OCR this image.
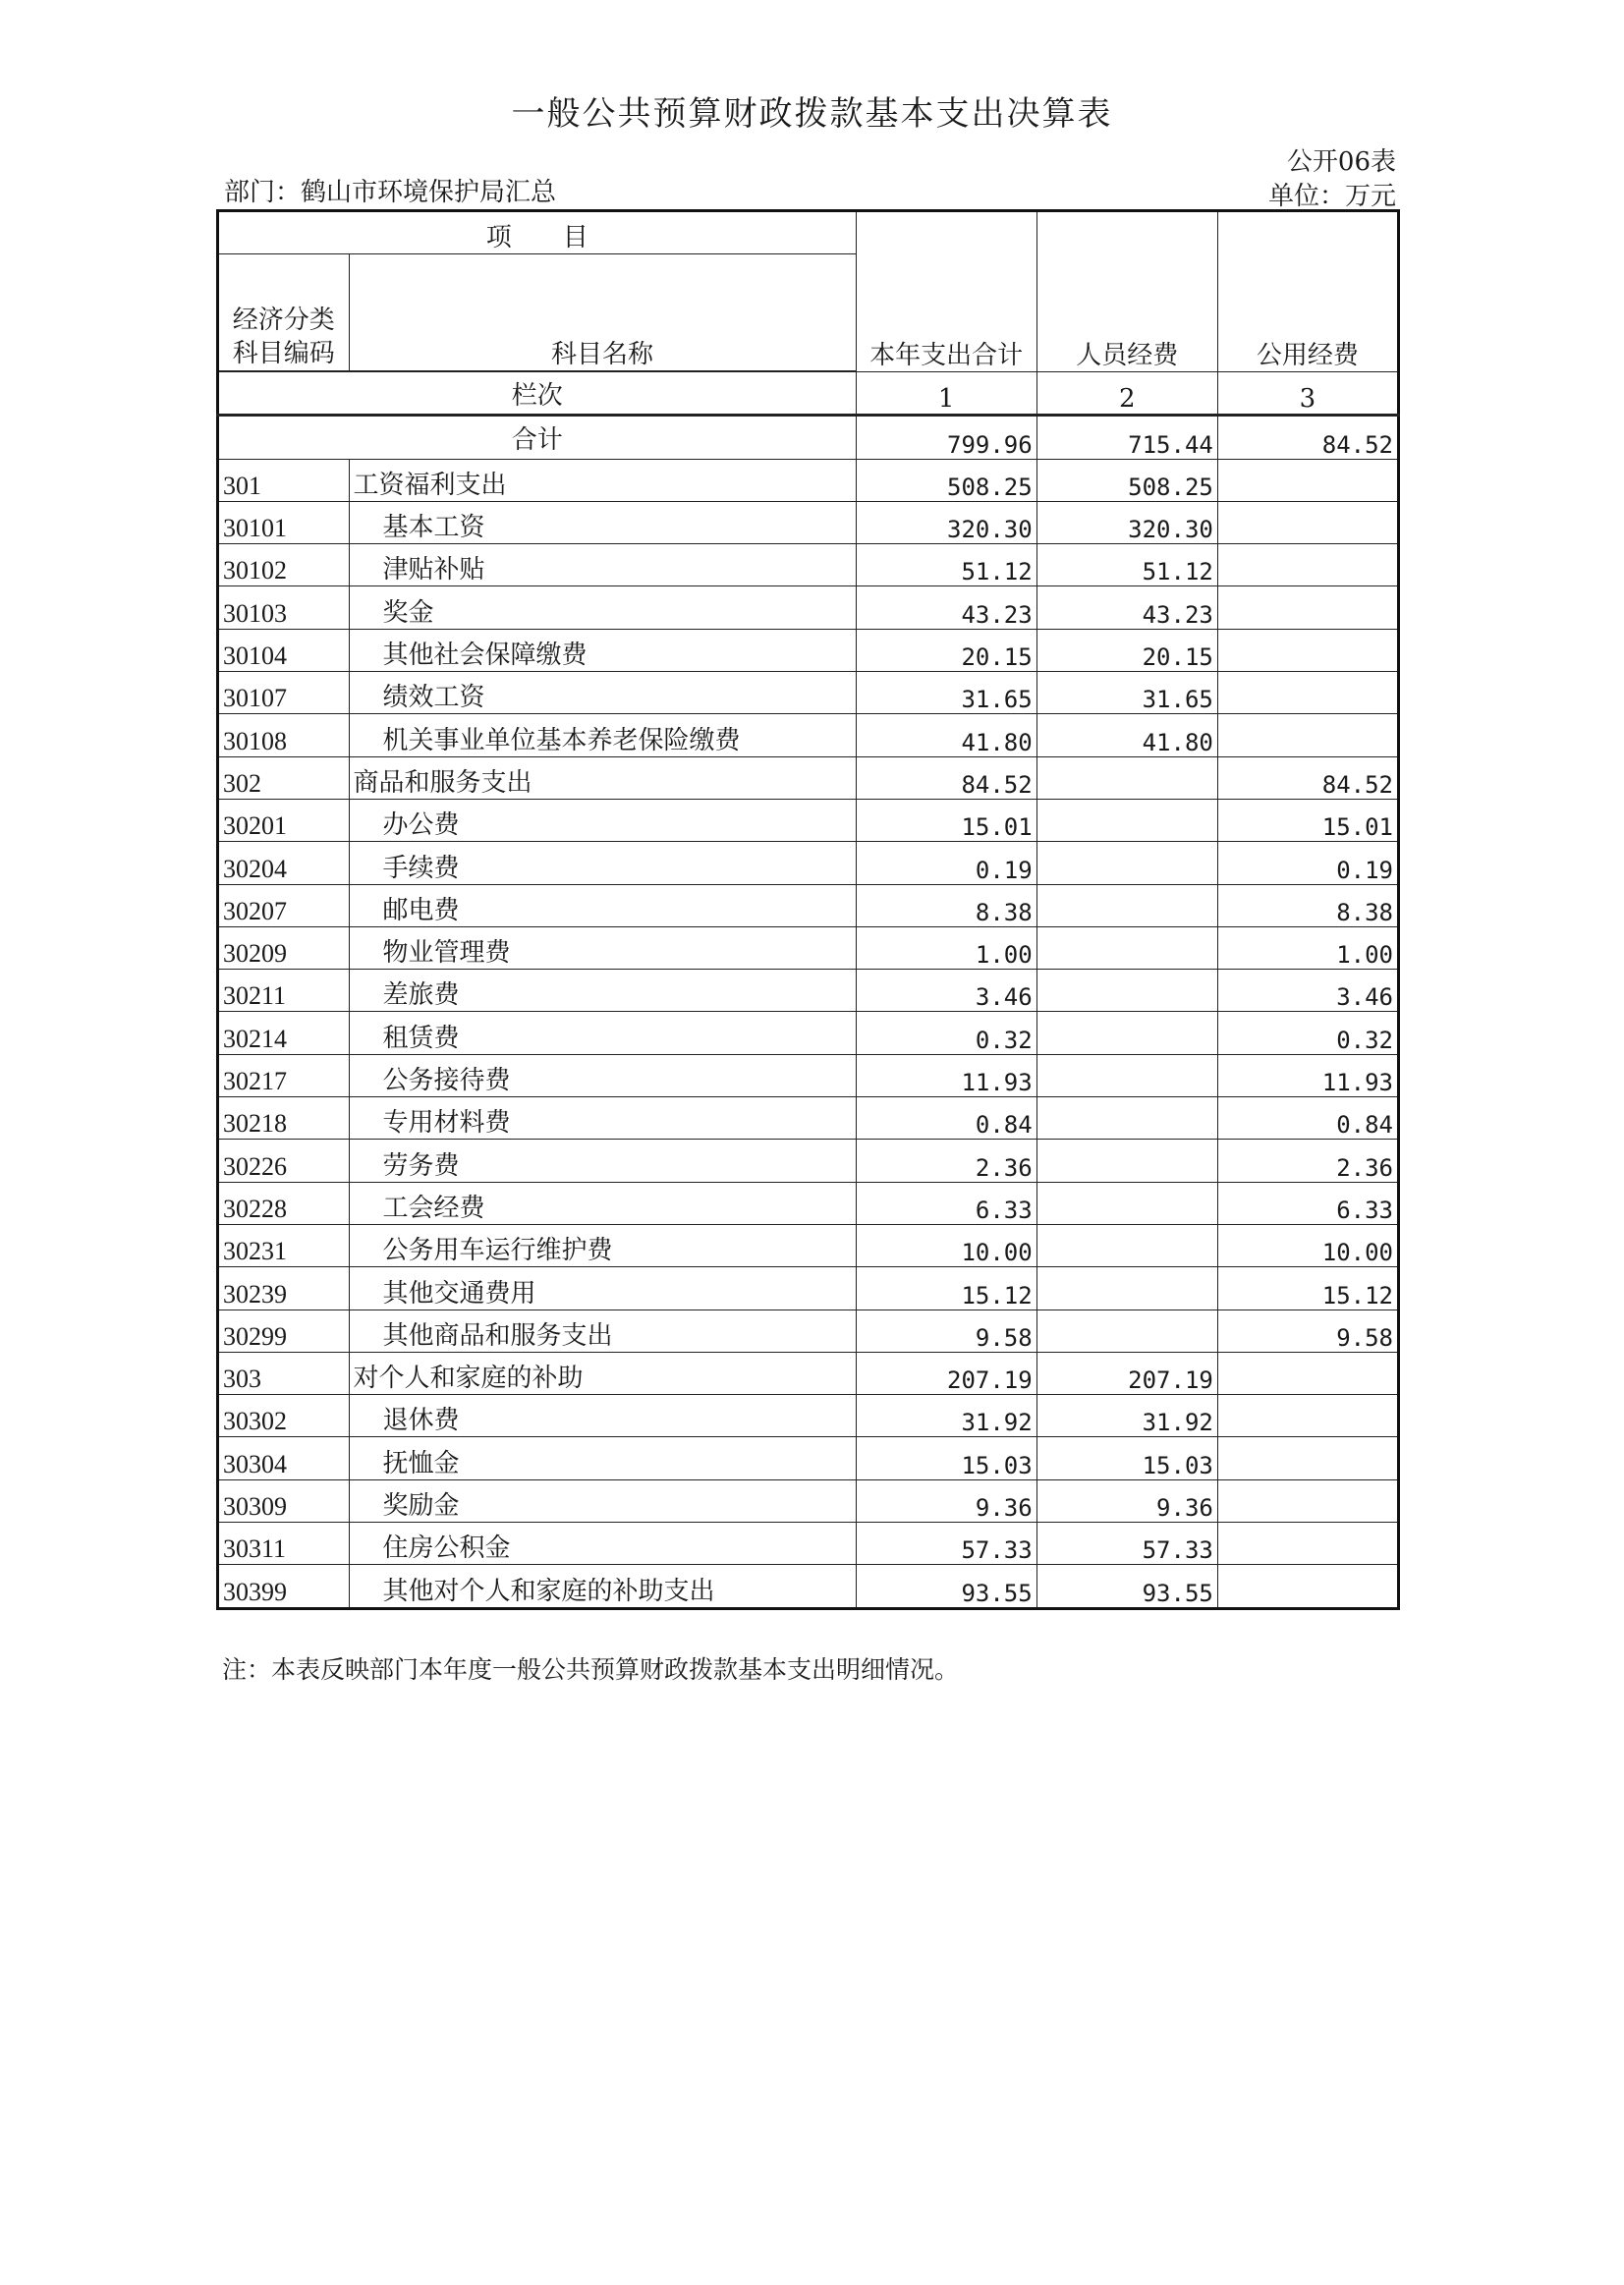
一般公共预算财政拨款基本支出决算表
公开06表
部门：鹤山市环境保护局汇总	单位：万元
项　　目		本年支出合计	人员经费	公用经费
经济分类
科目编码	科目名称			

栏次		1	2	3
合计		799.96	715.44	84.52
301	工资福利支出	508.25	508.25	
30101	基本工资	320.30	320.30	
30102	津贴补贴	51.12	51.12	
30103	奖金	43.23	43.23	
30104	其他社会保障缴费	20.15	20.15	
30107	绩效工资	31.65	31.65	
30108	机关事业单位基本养老保险缴费	41.80	41.80	
302	商品和服务支出	84.52		84.52
30201	办公费	15.01		15.01
30204	手续费	0.19		0.19
30207	邮电费	8.38		8.38
30209	物业管理费	1.00		1.00
30211	差旅费	3.46		3.46
30214	租赁费	0.32		0.32
30217	公务接待费	11.93		11.93
30218	专用材料费	0.84		0.84
30226	劳务费	2.36		2.36
30228	工会经费	6.33		6.33
30231	公务用车运行维护费	10.00		10.00
30239	其他交通费用	15.12		15.12
30299	其他商品和服务支出	9.58		9.58
303	对个人和家庭的补助	207.19	207.19	
30302	退休费	31.92	31.92	
30304	抚恤金	15.03	15.03	
30309	奖励金	9.36	9.36	
30311	住房公积金	57.33	57.33	
30399	其他对个人和家庭的补助支出	93.55	93.55	
注：本表反映部门本年度一般公共预算财政拨款基本支出明细情况。
